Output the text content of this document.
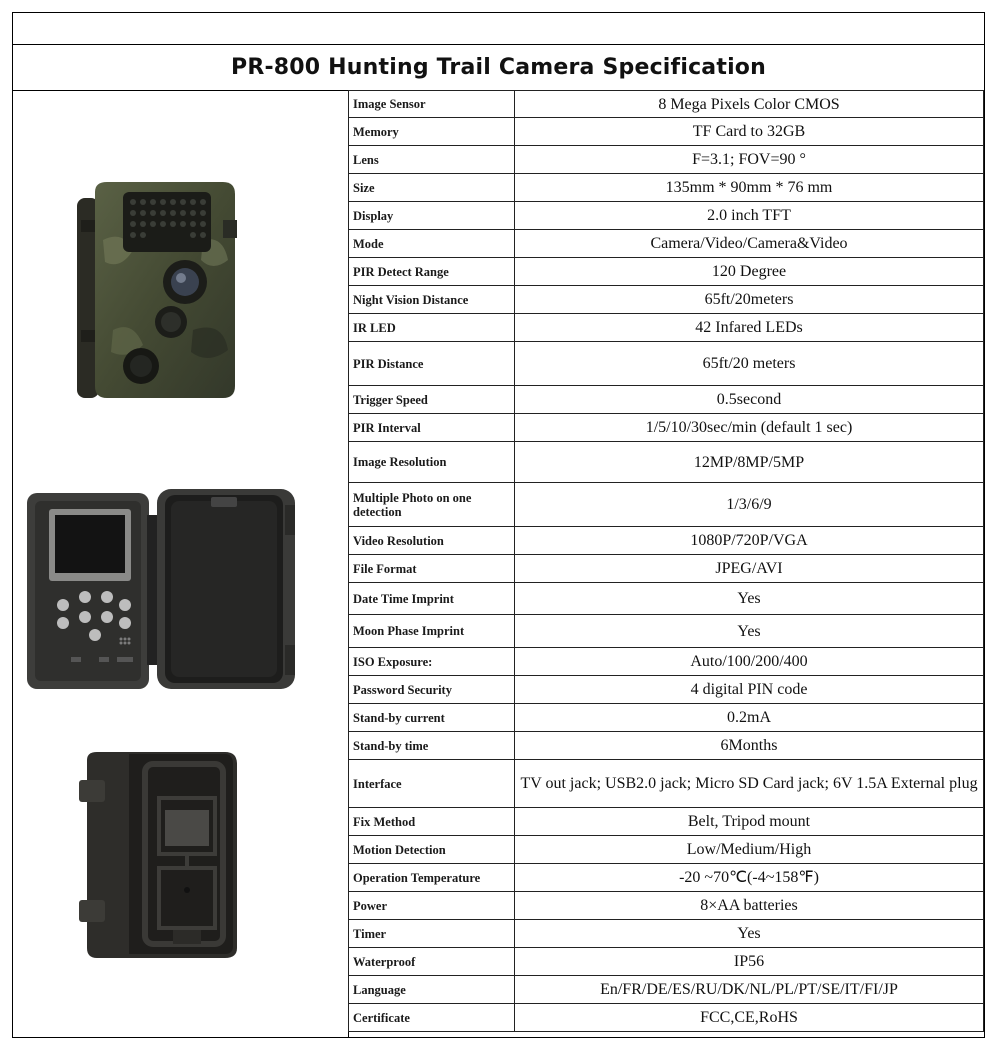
PR-800 Hunting Trail Camera Specification
Image Sensor	8 Mega Pixels Color CMOS
Memory	TF Card to 32GB
Lens	F=3.1; FOV=90 °
Size	135mm * 90mm * 76 mm
Display	2.0 inch TFT
Mode	Camera/Video/Camera&Video
PIR Detect Range	120 Degree
Night Vision Distance	65ft/20meters
IR LED	42 Infared LEDs
PIR Distance	65ft/20 meters
Trigger Speed	0.5second
PIR Interval	1/5/10/30sec/min (default 1 sec)
Image Resolution	12MP/8MP/5MP
Multiple Photo on one detection	1/3/6/9
Video Resolution	1080P/720P/VGA
File Format	JPEG/AVI
Date Time Imprint	Yes
Moon Phase Imprint	Yes
ISO Exposure:	Auto/100/200/400
Password Security	4 digital PIN code
Stand-by current	0.2mA
Stand-by time	6Months
Interface	TV out jack; USB2.0 jack; Micro SD Card jack; 6V 1.5A External plug
Fix Method	Belt, Tripod mount
Motion Detection	Low/Medium/High
Operation Temperature	-20 ~70℃(-4~158℉)
Power	8×AA batteries
Timer	Yes
Waterproof	IP56
Language	En/FR/DE/ES/RU/DK/NL/PL/PT/SE/IT/FI/JP
Certificate	FCC,CE,RoHS
